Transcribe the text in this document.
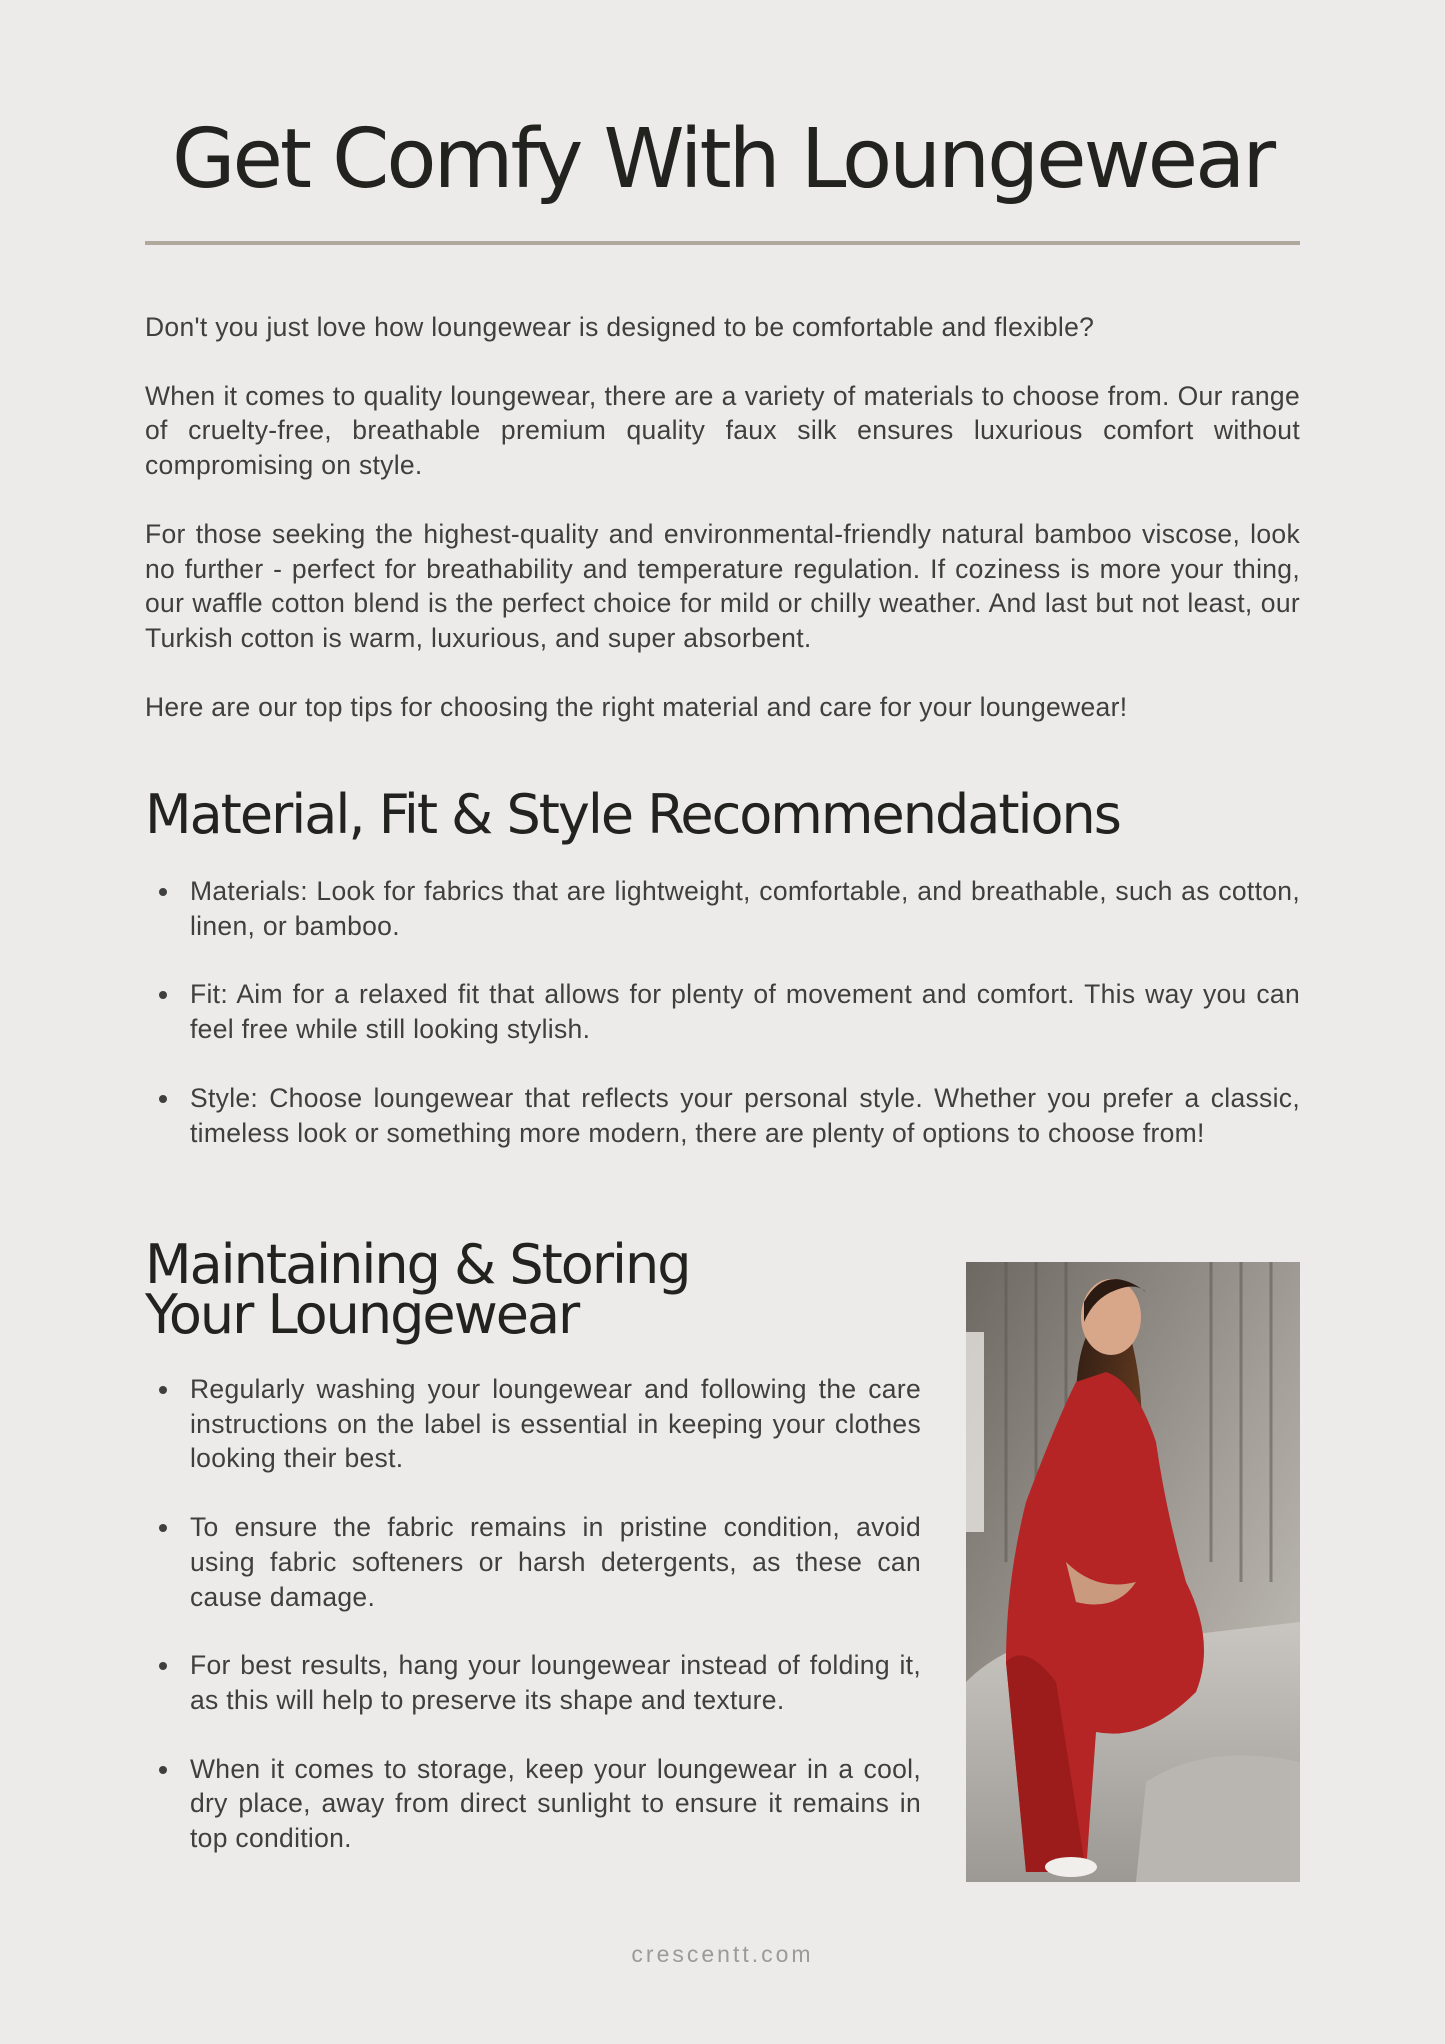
Get Comfy With Loungewear

Don't you just love how loungewear is designed to be comfortable and flexible?

When it comes to quality loungewear, there are a variety of materials to choose from. Our range of cruelty-free, breathable premium quality faux silk ensures luxurious comfort without compromising on style.

For those seeking the highest-quality and environmental-friendly natural bamboo viscose, look no further - perfect for breathability and temperature regulation. If coziness is more your thing, our waffle cotton blend is the perfect choice for mild or chilly weather. And last but not least, our Turkish cotton is warm, luxurious, and super absorbent.

Here are our top tips for choosing the right material and care for your loungewear!

Material, Fit & Style Recommendations
Materials: Look for fabrics that are lightweight, comfortable, and breathable, such as cotton, linen, or bamboo.
Fit: Aim for a relaxed fit that allows for plenty of movement and comfort. This way you can feel free while still looking stylish.
Style: Choose loungewear that reflects your personal style. Whether you prefer a classic, timeless look or something more modern, there are plenty of options to choose from!
Maintaining & Storing
Your Loungewear
Regularly washing your loungewear and following the care instructions on the label is essential in keeping your clothes looking their best.
To ensure the fabric remains in pristine condition, avoid using fabric softeners or harsh detergents, as these can cause damage.
For best results, hang your loungewear instead of folding it, as this will help to preserve its shape and texture.
When it comes to storage, keep your loungewear in a cool, dry place, away from direct sunlight to ensure it remains in top condition.
crescentt.com
